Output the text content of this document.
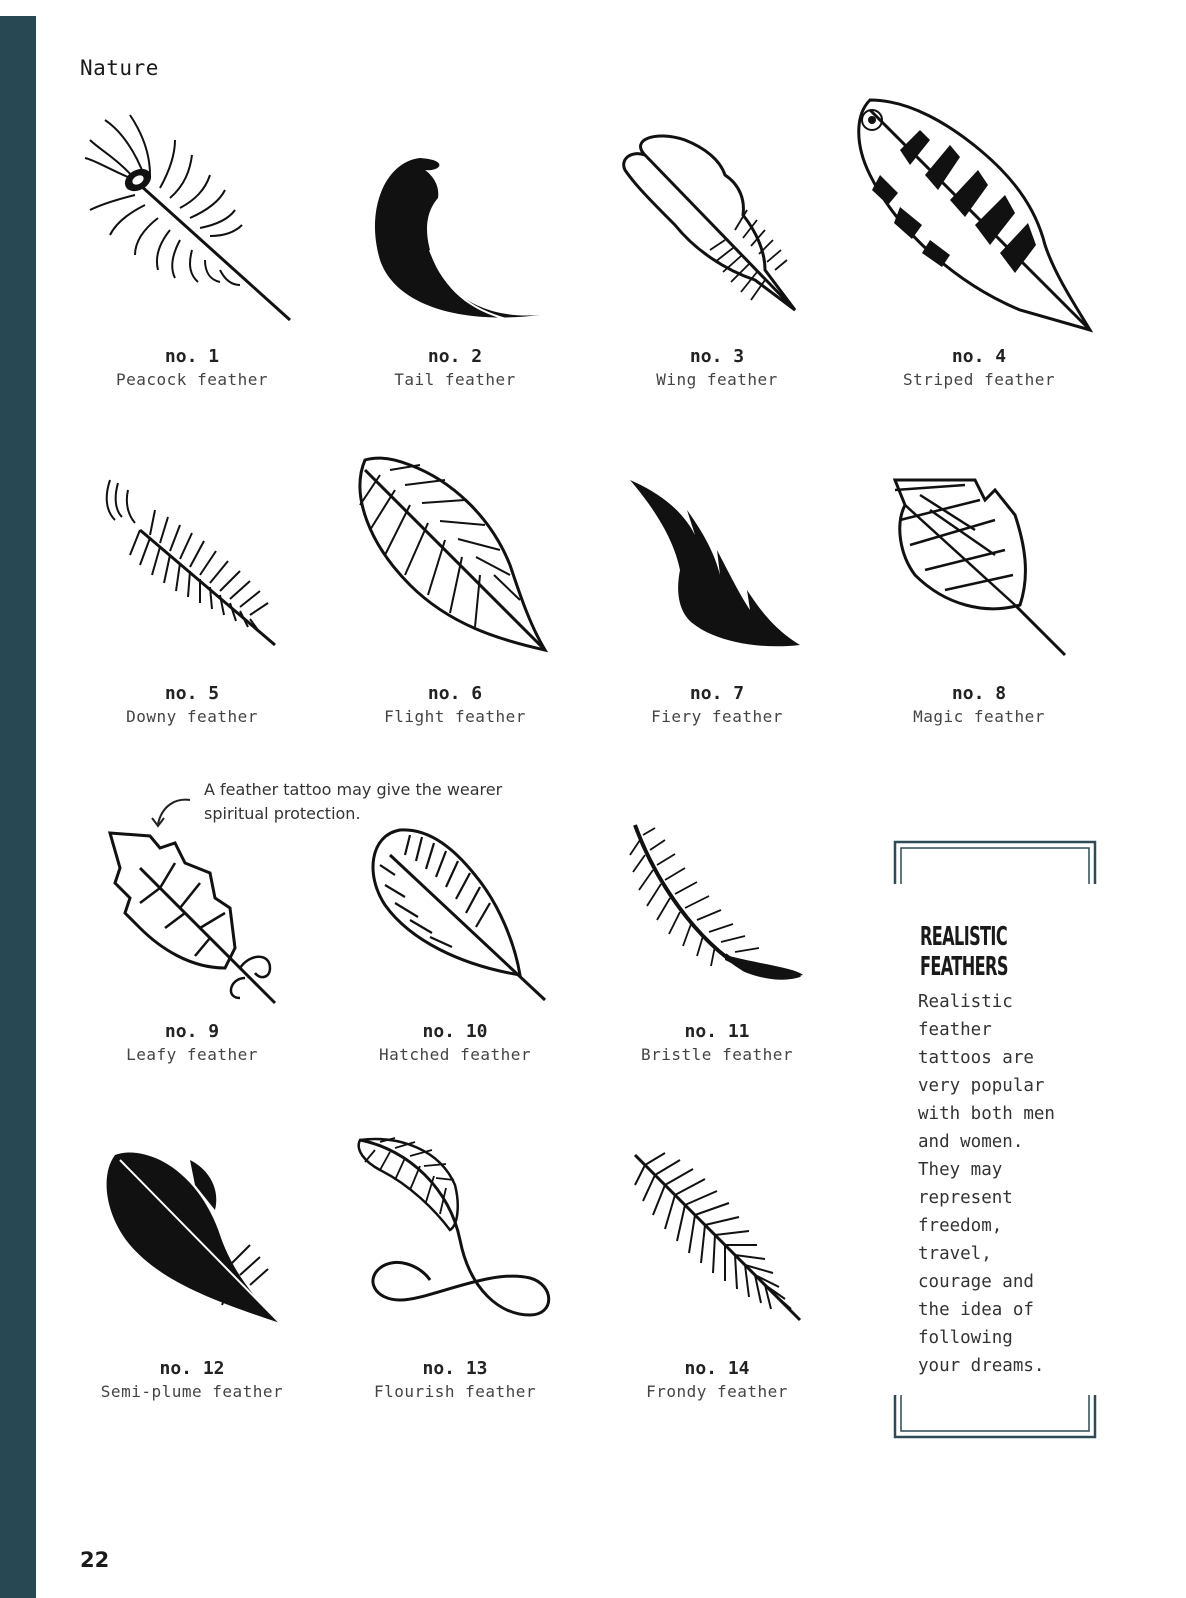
Nature
no. 1
Peacock feather
no. 2
Tail feather
no. 3
Wing feather
no. 4
Striped feather
no. 5
Downy feather
no. 6
Flight feather
no. 7
Fiery feather
no. 8
Magic feather
A feather tattoo may give the wearer spiritual protection.
no. 9
Leafy feather
no. 10
Hatched feather
no. 11
Bristle feather
no. 12
Semi-plume feather
no. 13
Flourish feather
no. 14
Frondy feather
REALISTIC
FEATHERS
Realistic
feather
tattoos are
very popular
with both men
and women.
They may
represent
freedom,
travel,
courage and
the idea of
following
your dreams.
22
